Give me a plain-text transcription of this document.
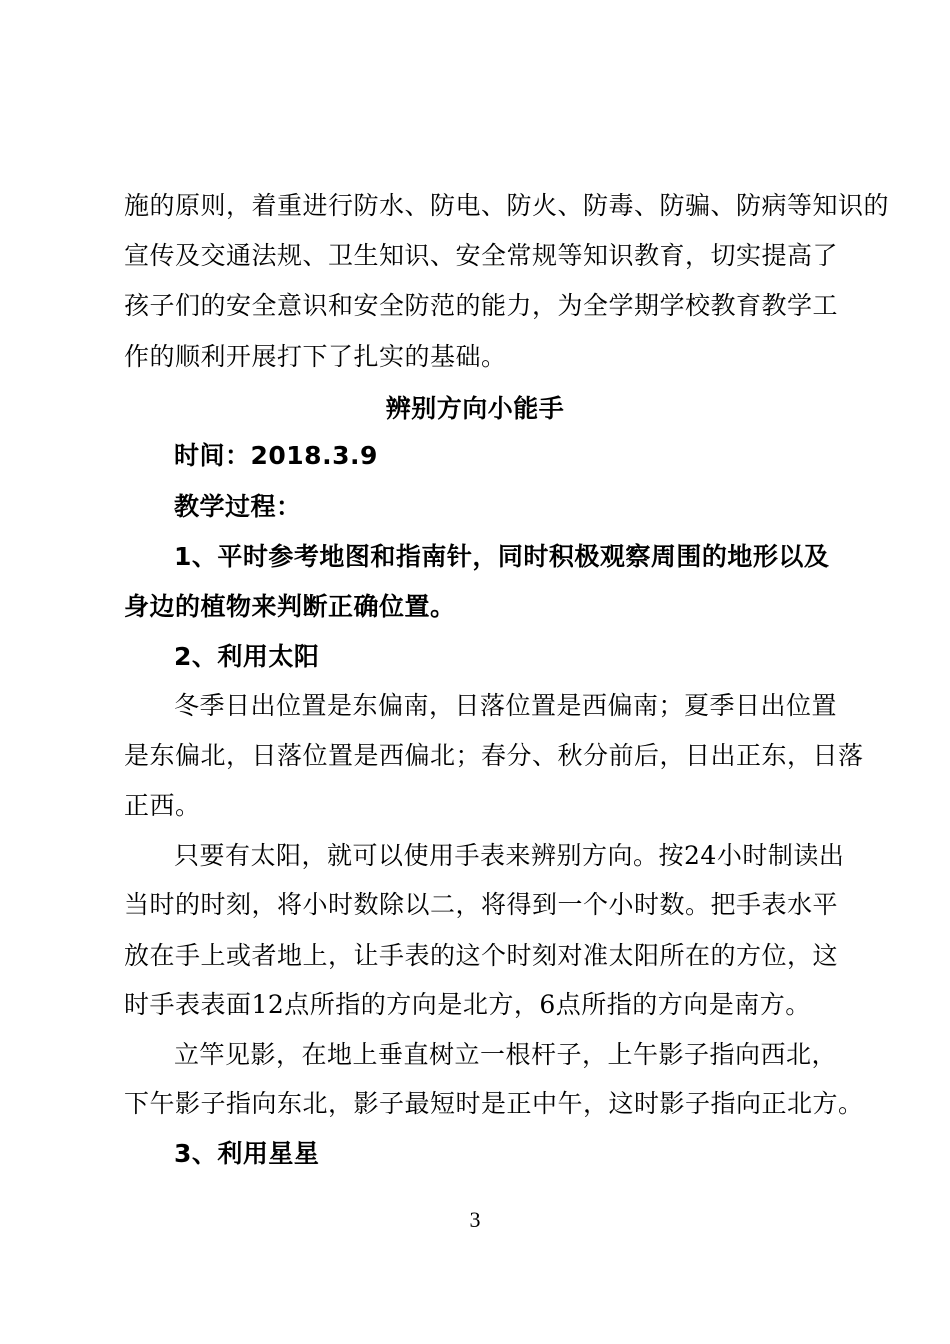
施的原则，着重进行防水、防电、防火、防毒、防骗、防病等知识的
宣传及交通法规、卫生知识、安全常规等知识教育，切实提高了
孩子们的安全意识和安全防范的能力，为全学期学校教育教学工
作的顺利开展打下了扎实的基础。
辨别方向小能手
时间：2018.3.9
教学过程：
1、平时参考地图和指南针，同时积极观察周围的地形以及
身边的植物来判断正确位置。
2、利用太阳
冬季日出位置是东偏南，日落位置是西偏南；夏季日出位置
是东偏北，日落位置是西偏北；春分、秋分前后，日出正东，日落
正西。
只要有太阳，就可以使用手表来辨别方向。按24小时制读出
当时的时刻，将小时数除以二，将得到一个小时数。把手表水平
放在手上或者地上，让手表的这个时刻对准太阳所在的方位，这
时手表表面12点所指的方向是北方，6点所指的方向是南方。
立竿见影，在地上垂直树立一根杆子，上午影子指向西北，
下午影子指向东北，影子最短时是正中午，这时影子指向正北方。
3、利用星星
3
